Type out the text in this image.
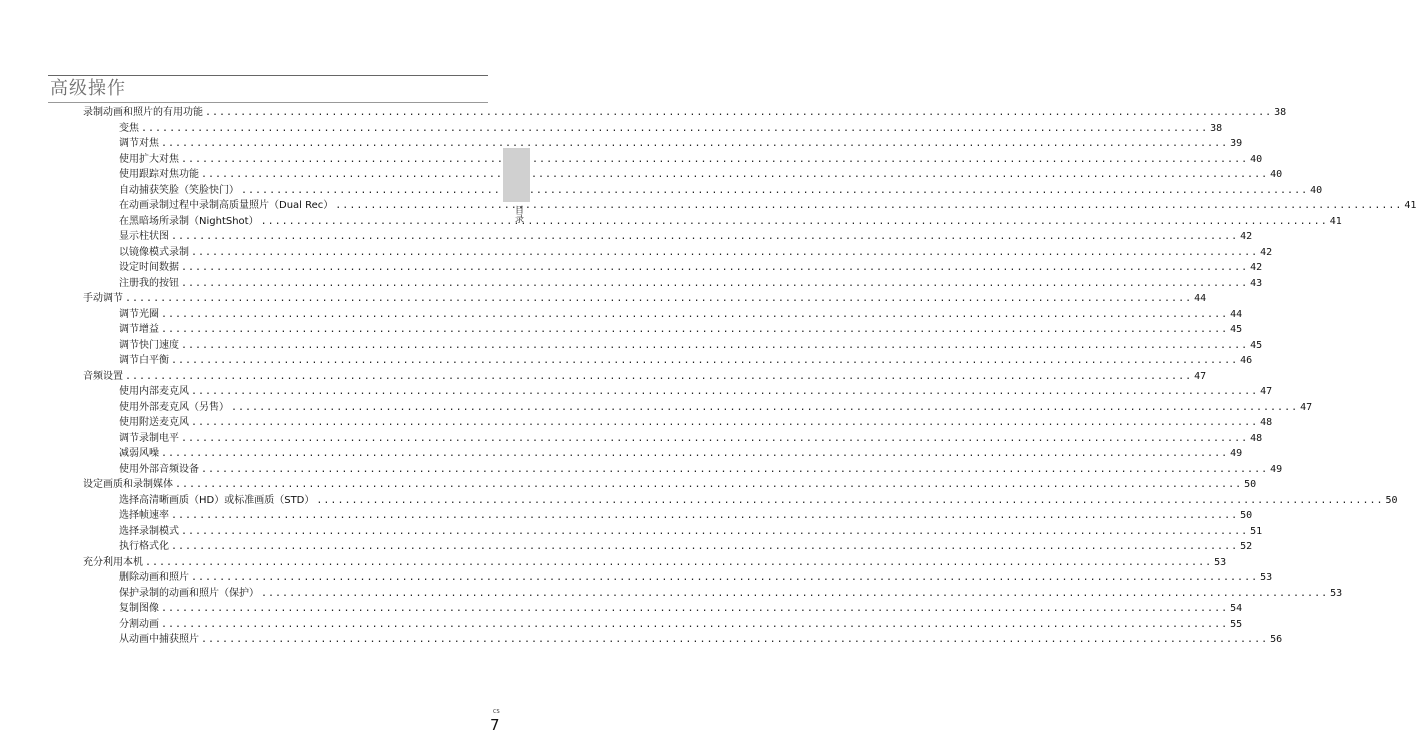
高级操作
录制动画和照片的有用功能 .....	38
变焦 .....	38
调节对焦 .....	39
使用扩大对焦 .....	40
使用跟踪对焦功能 .....	40
自动捕获笑脸（笑脸快门） .....	40
在动画录制过程中录制高质量照片（Dual Rec） .....	41
在黑暗场所录制（NightShot） .....	41
显示柱状图 .....	42
以镜像模式录制 .....	42
设定时间数据 .....	42
注册我的按钮 .....	43
手动调节 .....	44
调节光圈 .....	44
调节增益 .....	45
调节快门速度 .....	45
调节白平衡 .....	46
音频设置 .....	47
使用内部麦克风 .....	47
使用外部麦克风（另售） .....	47
使用附送麦克风 .....	48
调节录制电平 .....	48
减弱风噪 .....	49
使用外部音频设备 .....	49
设定画质和录制媒体 .....	50
选择高清晰画质（HD）或标准画质（STD） .....	50
选择帧速率 .....	50
选择录制模式 .....	51
执行格式化 .....	52
充分利用本机 .....	53
删除动画和照片 .....	53
保护录制的动画和照片（保护） .....	53
复制图像 .....	54
分割动画 .....	55
从动画中捕获照片 .....	56
目录
CS
7
